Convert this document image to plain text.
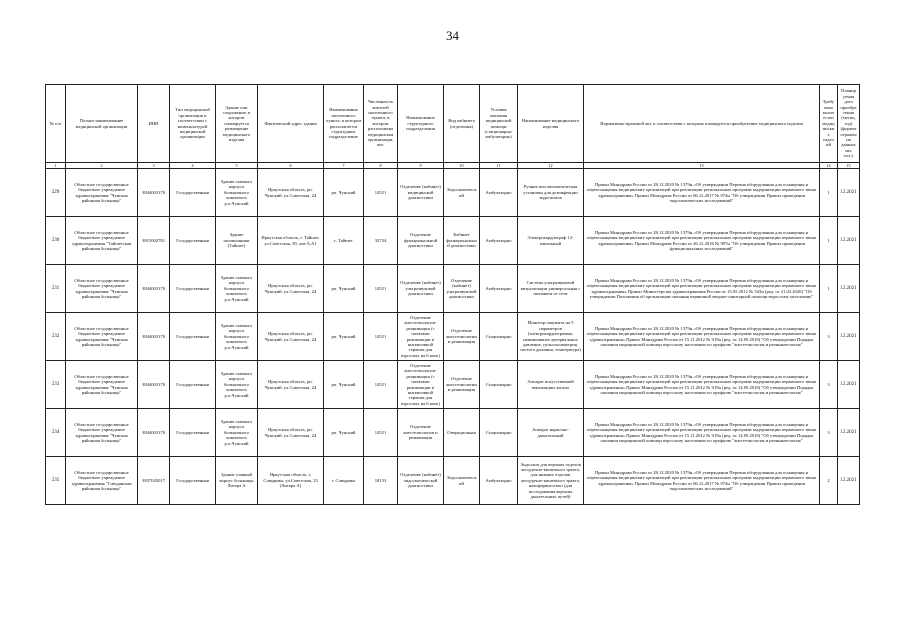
34
№ п/п	Полное наименование медицинской организации	ИНН	Тип медицинской организации в соответствии с номенклатурой медицинской организации	Здание или сооружение, в котором планируется размещение медицинского изделия	Фактический адрес здания	Наименование населенного пункта, в котором располагается структурное подразделение	Численность жителей населенного пункта, в котором расположена медицинская организация, чел.	Наименование структурного подразделения	Вид кабинета (отделения)	Условия оказания медицинской помощи (стационарно/амбулаторно)	Наименование медицинского изделия	Нормативно-правовой акт, в соответствии с которым планируется приобретение медицинского изделия	Требуемое количество медицинских изделий	Планируемая дата приобретения (месяц, год) (формат отражения данных мм. гггг.)
1	2	3	4	5	6	7	8	9	10	11	12	13	14	15
229	Областное государственное бюджетное учреждение здравоохранения "Чунская районная больница"	3844003170	Государственная	Здание главного корпуса больничного комплекса р.п.Чунский	Иркутская область, рп. Чунский, ул.Советская, 24	рп. Чунский	14521	Отделение (кабинет) медицинской диагностики	Эндоскопический	Амбулаторно	Ручная или автоматическая установка для дезинфекции эндоскопов	Приказ Минздрава России от 28.12.2020 № 1379н «Об утверждении Перечня оборудования для оснащения и переоснащения медицинских организаций при реализации региональных программ модернизации первичного звена здравоохранения» Приказ Минздрава России от 06.12.2017 № 974н "Об утверждении Правил проведения эндоскопических исследований"	1	12.2021
230	Областное государственное бюджетное учреждение здравоохранения "Тайшетская районная больница"	3815002781	Государственная	Здание поликлиники (Тайшет)	Иркутская область, г. Тайшет, ул.Советская, 39, лит.А,А1	г. Тайшет	32734	Отделение функциональной диагностики	Кабинет функциональной диагностики	Амбулаторно	Электрокардиограф 12-канальный	Приказ Минздрава России от 28.12.2020 № 1379н «Об утверждении Перечня оборудования для оснащения и переоснащения медицинских организаций при реализации региональных программ модернизации первичного звена здравоохранения» Приказ Минздрава России от 26.12.2016 № 997н "Об утверждении Правил проведения функциональных исследований"	1	12.2021
231	Областное государственное бюджетное учреждение здравоохранения "Чунская районная больница"	3844003170	Государственная	Здание главного корпуса больничного комплекса р.п.Чунский	Иркутская область, рп. Чунский, ул.Советская, 24	рп. Чунский	14521	Отделение (кабинет) ультразвуковой диагностики	Отделение (кабинет) ультразвуковой диагностики	Амбулаторно	Система ультразвуковой визуализации универсальная с питанием от сети	Приказ Минздрава России от 28.12.2020 № 1379н «Об утверждении Перечня оборудования для оснащения и переоснащения медицинских организаций при реализации региональных программ модернизации первичного звена здравоохранения» Приказ Министерства здравоохранения России от 15.05.2012 № 543н (ред. от 21.02.2020) "Об утверждении Положения об организации оказания первичной медико-санитарной помощи взрослому населению"	1	12.2021
232	Областное государственное бюджетное учреждение здравоохранения "Чунская районная больница"	3844003170	Государственная	Здание главного корпуса больничного комплекса р.п.Чунский	Иркутская область, рп. Чунский, ул.Советская, 24	рп. Чунский	14521	Отделение анестезиологии-реанимации (с палатами реанимации и интенсивной терапии для взрослых на 6 коек)	Отделение анестезиологии и реанимации	Стационарно	Монитор пациента на 5 параметров (электрокардиограмма, неинвазивное артериальное давление, пульсоксиметрия, частота дыхания, температура)	Приказ Минздрава России от 28.12.2020 № 1379н «Об утверждении Перечня оборудования для оснащения и переоснащения медицинских организаций при реализации региональных программ модернизации первичного звена здравоохранения» Приказ Минздрава России от 15.11.2012 № 919н (ред. от 14.09.2018) "Об утверждении Порядка оказания медицинской помощи взрослому населению по профилю "анестезиология и реаниматология"	3	12.2021
233	Областное государственное бюджетное учреждение здравоохранения "Чунская районная больница"	3844003170	Государственная	Здание главного корпуса больничного комплекса р.п.Чунский	Иркутская область, рп. Чунский, ул.Советская, 24	рп. Чунский	14521	Отделение анестезиологии-реанимации (с палатами реанимации и интенсивной терапии для взрослых на 6 коек)	Отделение анестезиологии и реанимации	Стационарно	Аппарат искусственной вентиляции легких	Приказ Минздрава России от 28.12.2020 № 1379н «Об утверждении Перечня оборудования для оснащения и переоснащения медицинских организаций при реализации региональных программ модернизации первичного звена здравоохранения» Приказ Минздрава России от 15.11.2012 № 919н (ред. от 14.09.2018) "Об утверждении Порядка оказания медицинской помощи взрослому населению по профилю "анестезиология и реаниматология"	3	12.2021
234	Областное государственное бюджетное учреждение здравоохранения "Чунская районная больница"	3844003170	Государственная	Здание главного корпуса больничного комплекса р.п.Чунский	Иркутская область, рп. Чунский, ул.Советская, 24	рп. Чунский	14521	Отделение анестезиологии и реанимации	Операционная	Стационарно	Аппарат наркозно-дыхательный	Приказ Минздрава России от 28.12.2020 № 1379н «Об утверждении Перечня оборудования для оснащения и переоснащения медицинских организаций при реализации региональных программ модернизации первичного звена здравоохранения» Приказ Минздрава России от 15.11.2012 № 919н (ред. от 14.09.2018) "Об утверждении Порядка оказания медицинской помощи взрослому населению по профилю "анестезиология и реаниматология"	3	12.2021
235	Областное государственное бюджетное учреждение здравоохранения "Слюдянская районная больница"	3837045017	Государственная	Здание главный корпус больницы Литера А	Иркутская область, г. Слюдянка, ул.Советская, 23 (Литера А)	г. Слюдянка	18133	Отделение (кабинет) эндоскопической диагностики	Эндоскопический	Амбулаторно	Эндоскоп для верхних отделов желудочно-кишечного тракта, для нижних отделов желудочно-кишечного тракта, назофарингоскоп (для исследования верхних дыхательных путей)	Приказ Минздрава России от 28.12.2020 № 1379н «Об утверждении Перечня оборудования для оснащения и переоснащения медицинских организаций при реализации региональных программ модернизации первичного звена здравоохранения» Приказ Минздрава России от 06.12.2017 № 974н "Об утверждении Правил проведения эндоскопических исследований"	2	12.2021
